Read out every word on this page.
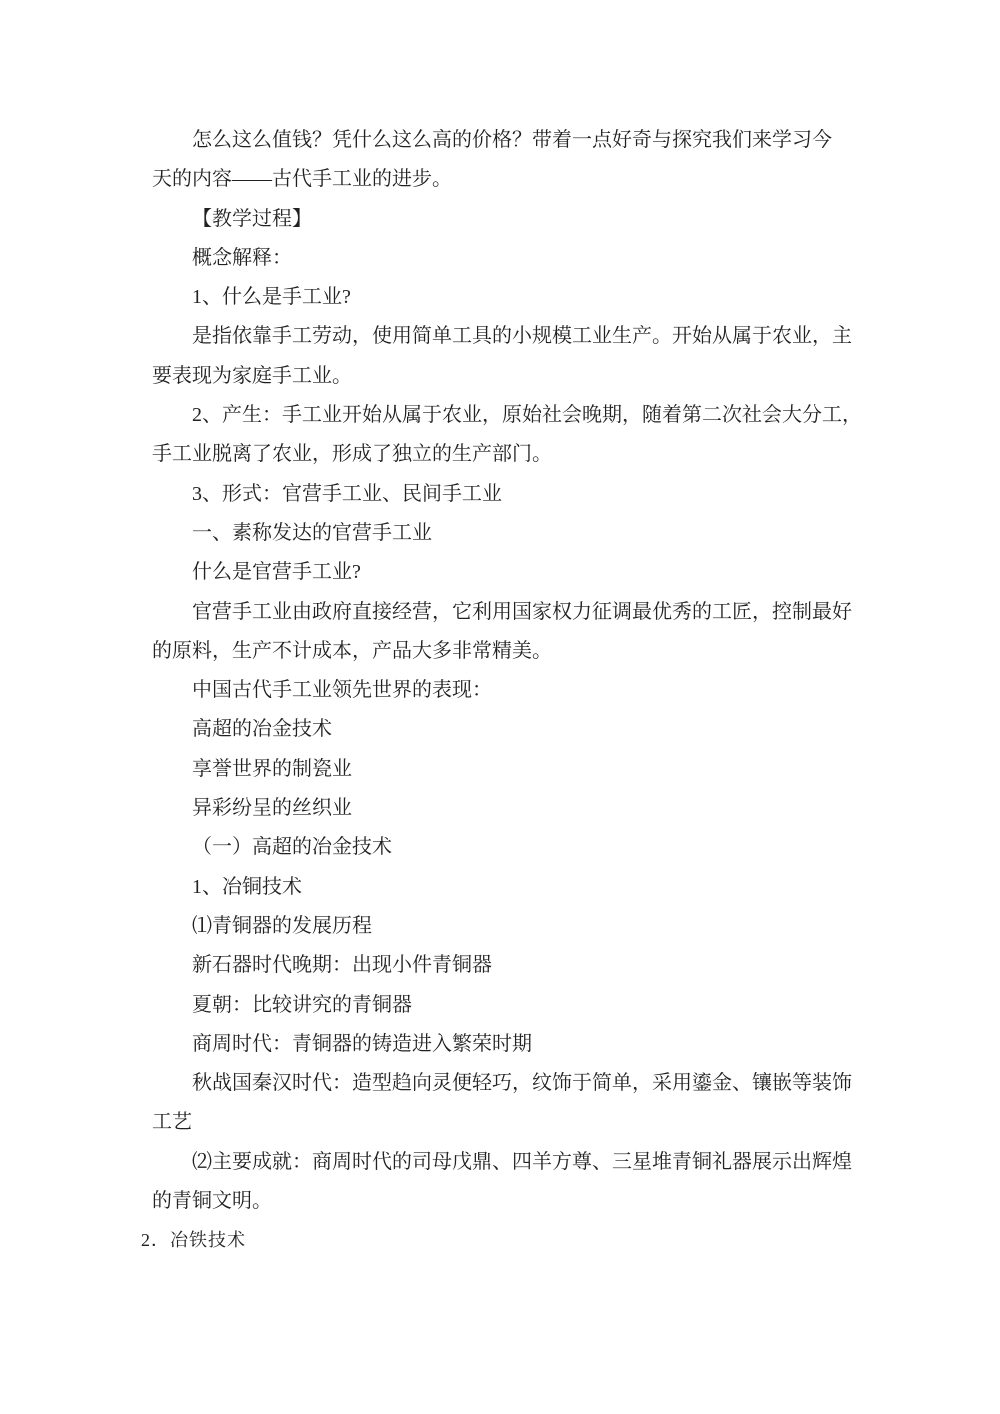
怎么这么值钱？凭什么这么高的价格？带着一点好奇与探究我们来学习今
天的内容——古代手工业的进步。
【教学过程】
概念解释：
1、什么是手工业?
是指依靠手工劳动，使用简单工具的小规模工业生产。开始从属于农业，主
要表现为家庭手工业。
2、产生：手工业开始从属于农业，原始社会晚期，随着第二次社会大分工，
手工业脱离了农业，形成了独立的生产部门。
3、形式：官营手工业、民间手工业
一、素称发达的官营手工业
什么是官营手工业?
官营手工业由政府直接经营，它利用国家权力征调最优秀的工匠，控制最好
的原料，生产不计成本，产品大多非常精美。
中国古代手工业领先世界的表现：
高超的冶金技术
享誉世界的制瓷业
异彩纷呈的丝织业
（一）高超的冶金技术
1、冶铜技术
⑴青铜器的发展历程
新石器时代晚期：出现小件青铜器
夏朝：比较讲究的青铜器
商周时代：青铜器的铸造进入繁荣时期
秋战国秦汉时代：造型趋向灵便轻巧，纹饰于简单，采用鎏金、镶嵌等装饰
工艺
⑵主要成就：商周时代的司母戊鼎、四羊方尊、三星堆青铜礼器展示出辉煌
的青铜文明。
2．冶铁技术
